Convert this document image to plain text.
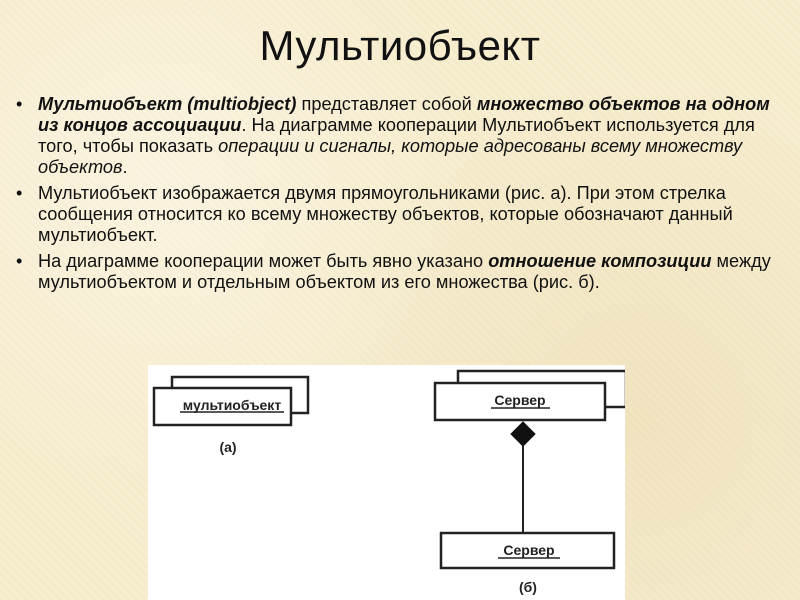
Мультиобъект
• Мультиобъект (multiobject) представляет собой множество объектов на одном из концов ассоциации. На диаграмме кооперации Мультиобъект используется для того, чтобы показать операции и сигналы, которые адресованы всему множеству объектов.
• Мультиобъект изображается двумя прямоугольниками (рис. а). При этом стрелка сообщения относится ко всему множеству объектов, которые обозначают данный мультиобъект.
• На диаграмме кооперации может быть явно указано отношение композиции между мультиобъектом и отдельным объектом из его множества (рис. б).
мультиобъект
(а)
Сервер
Сервер
(б)
